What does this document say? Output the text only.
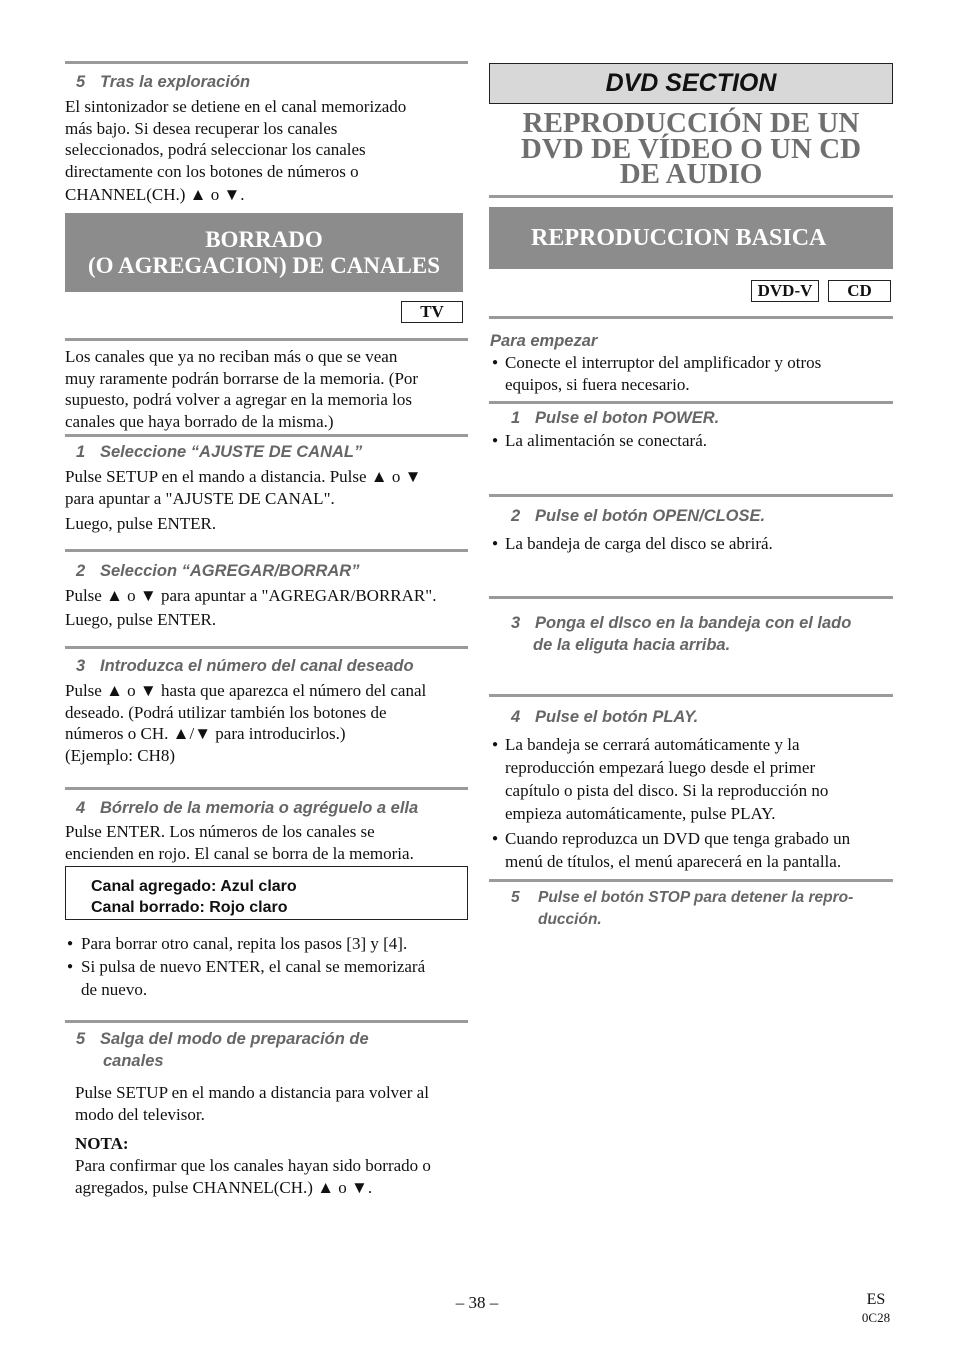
5 Tras la exploración
El sintonizador se detiene en el canal memorizado
más bajo. Si desea recuperar los canales
seleccionados, podrá seleccionar los canales
directamente con los botones de números o
CHANNEL(CH.) ▲ o ▼.
BORRADO
(O AGREGACION) DE CANALES
TV
Los canales que ya no reciban más o que se vean
muy raramente podrán borrarse de la memoria. (Por
supuesto, podrá volver a agregar en la memoria los
canales que haya borrado de la misma.)
1 Seleccione “AJUSTE DE CANAL”
Pulse SETUP en el mando a distancia. Pulse ▲ o ▼
para apuntar a "AJUSTE DE CANAL".
Luego, pulse ENTER.
2 Seleccion “AGREGAR/BORRAR”
Pulse ▲ o ▼ para apuntar a "AGREGAR/BORRAR".
Luego, pulse ENTER.
3 Introduzca el número del canal deseado
Pulse ▲ o ▼ hasta que aparezca el número del canal
deseado. (Podrá utilizar también los botones de
números o CH. ▲/▼ para introducirlos.)
(Ejemplo: CH8)
4 Bórrelo de la memoria o agréguelo a ella
Pulse ENTER. Los números de los canales se
encienden en rojo. El canal se borra de la memoria.
Canal agregado: Azul claro
Canal borrado: Rojo claro
● Para borrar otro canal, repita los pasos [3] y [4].
● Si pulsa de nuevo ENTER, el canal se memorizará
de nuevo.
5 Salga del modo de preparación de
canales
Pulse SETUP en el mando a distancia para volver al
modo del televisor.
NOTA:
Para confirmar que los canales hayan sido borrado o
agregados, pulse CHANNEL(CH.) ▲ o ▼.
DVD SECTION
REPRODUCCIÓN DE UN
DVD DE VÍDEO O UN CD
DE AUDIO
REPRODUCCION BASICA
DVD-V	CD
Para empezar
● Conecte el interruptor del amplificador y otros
equipos, si fuera necesario.
1 Pulse el boton POWER.
● La alimentación se conectará.
2 Pulse el botón OPEN/CLOSE.
● La bandeja de carga del disco se abrirá.
3 Ponga el dIsco en la bandeja con el lado
de la eliguta hacia arriba.
4 Pulse el botón PLAY.
● La bandeja se cerrará automáticamente y la
reproducción empezará luego desde el primer
capítulo o pista del disco. Si la reproducción no
empieza automáticamente, pulse PLAY.
● Cuando reproduzca un DVD que tenga grabado un
menú de títulos, el menú aparecerá en la pantalla.
5 Pulse el botón STOP para detener la repro-
ducción.
– 38 –	ES
0C28
